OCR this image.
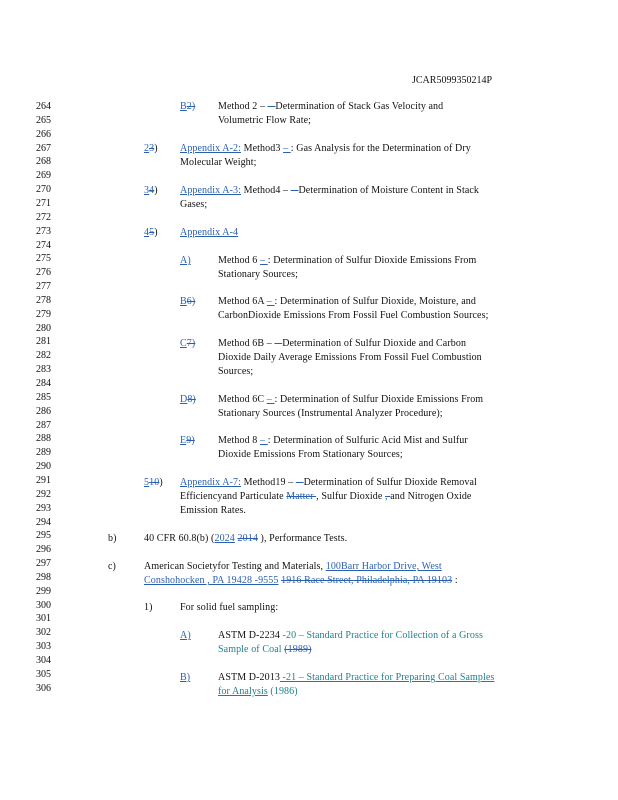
JCAR5099350214P
264
265
266
267
268
269
270
271
272
273
274
275
276
277
278
279
280
281
282
283
284
285
286
287
288
289
290
291
292
293
294
295
296
297
298
299
300
301
302
303
304
305
306
B2) Method 2 – – Determination of Stack Gas Velocity and
Volumetric Flow Rate;
23) Appendix A-2: Method3 – : Gas Analysis for the Determination of Dry
Molecular Weight;
34) Appendix A-3: Method4 – – Determination of Moisture Content in Stack
Gases;
45) Appendix A-4
A)	Method 6 – : Determination of Sulfur Dioxide Emissions From
Stationary Sources;
B6) Method 6A – : Determination of Sulfur Dioxide, Moisture, and
CarbonDioxide Emissions From Fossil Fuel Combustion Sources;
C7) Method 6B – – Determination of Sulfur Dioxide and Carbon
Dioxide Daily Average Emissions From Fossil Fuel Combustion
Sources;
D8) Method 6C – : Determination of Sulfur Dioxide Emissions From
Stationary Sources (Instrumental Analyzer Procedure);
E9) Method 8 – : Determination of Sulfuric Acid Mist and Sulfur
Dioxide Emissions From Stationary Sources;
510) Appendix A-7: Method19 – – Determination of Sulfur Dioxide Removal
Efficiencyand Particulate Matter , Sulfur Dioxide , and Nitrogen Oxide
Emission Rates.
b)	40 CFR 60.8(b) (2024 2014 ), Performance Tests.
c)	American Societyfor Testing and Materials, 100Barr Harbor Drive, West
Conshohocken , PA 19428 -9555 1916 Race Street, Philadelphia, PA 19103 :
1)	For solid fuel sampling:
A)	ASTM D-2234 -20 – Standard Practice for Collection of a Gross
Sample of Coal (1989)
B)	ASTM D-2013 -21 – Standard Practice for Preparing Coal Samples
for Analysis (1986)
